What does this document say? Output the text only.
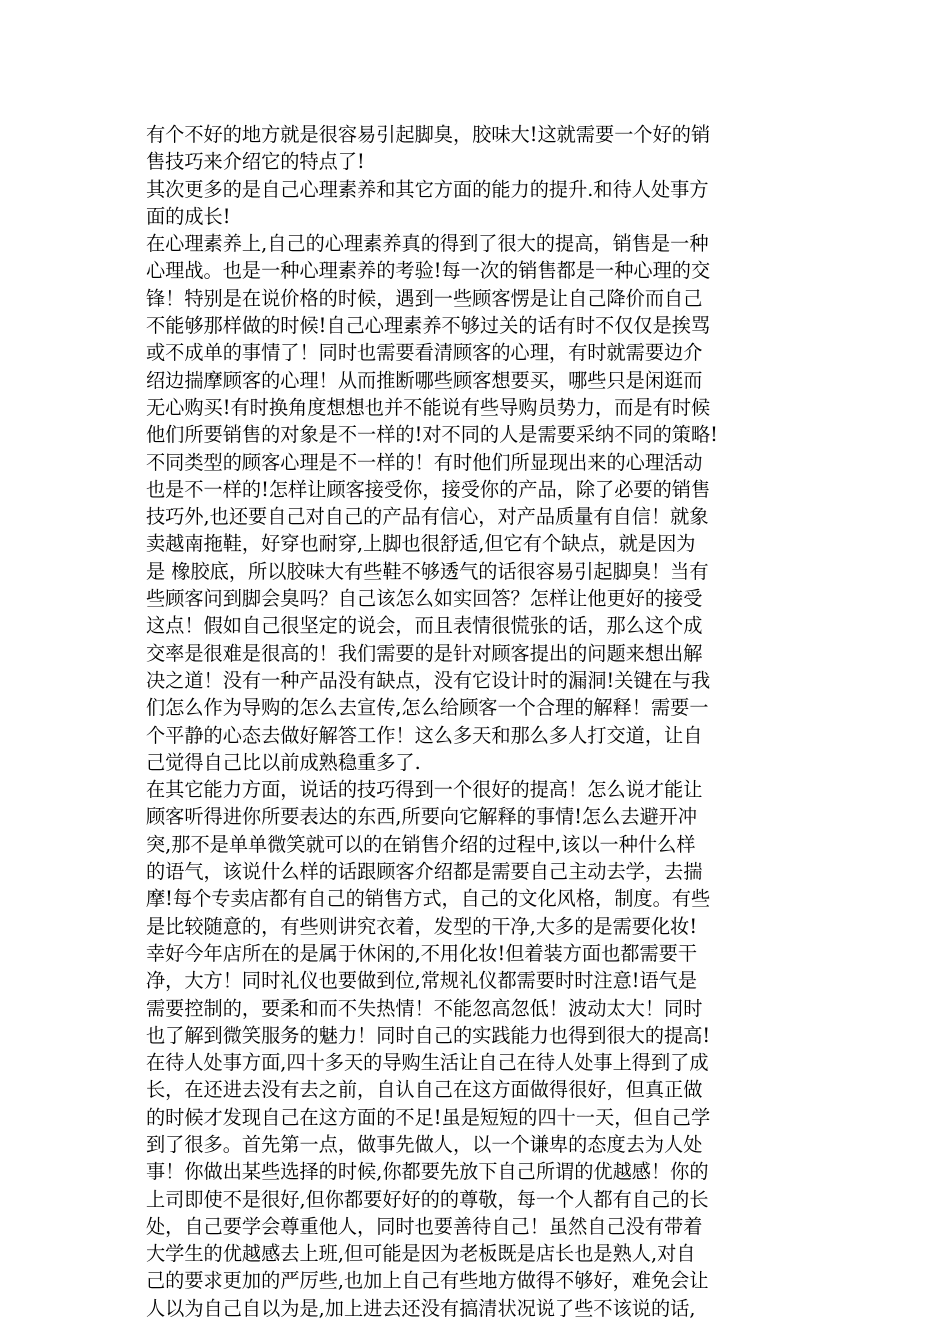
有个不好的地方就是很容易引起脚臭，胶味大!这就需要一个好的销
售技巧来介绍它的特点了!
其次更多的是自己心理素养和其它方面的能力的提升.和待人处事方
面的成长!
在心理素养上,自己的心理素养真的得到了很大的提高，销售是一种
心理战。也是一种心理素养的考验!每一次的销售都是一种心理的交
锋！特别是在说价格的时候，遇到一些顾客愣是让自己降价而自己
不能够那样做的时候!自己心理素养不够过关的话有时不仅仅是挨骂
或不成单的事情了！同时也需要看清顾客的心理，有时就需要边介
绍边揣摩顾客的心理！从而推断哪些顾客想要买，哪些只是闲逛而
无心购买!有时换角度想想也并不能说有些导购员势力，而是有时候
他们所要销售的对象是不一样的!对不同的人是需要采纳不同的策略!
不同类型的顾客心理是不一样的！有时他们所显现出来的心理活动
也是不一样的!怎样让顾客接受你，接受你的产品，除了必要的销售
技巧外,也还要自己对自己的产品有信心，对产品质量有自信！就象
卖越南拖鞋，好穿也耐穿,上脚也很舒适,但它有个缺点，就是因为
是 橡胶底，所以胶味大有些鞋不够透气的话很容易引起脚臭！当有
些顾客问到脚会臭吗？自己该怎么如实回答？怎样让他更好的接受
这点！假如自己很坚定的说会，而且表情很慌张的话，那么这个成
交率是很难是很高的！我们需要的是针对顾客提出的问题来想出解
决之道！没有一种产品没有缺点，没有它设计时的漏洞!关键在与我
们怎么作为导购的怎么去宣传,怎么给顾客一个合理的解释！需要一
个平静的心态去做好解答工作！这么多天和那么多人打交道，让自
己觉得自己比以前成熟稳重多了.
在其它能力方面，说话的技巧得到一个很好的提高！怎么说才能让
顾客听得进你所要表达的东西,所要向它解释的事情!怎么去避开冲
突,那不是单单微笑就可以的在销售介绍的过程中,该以一种什么样
的语气，该说什么样的话跟顾客介绍都是需要自己主动去学，去揣
摩!每个专卖店都有自己的销售方式，自己的文化风格，制度。有些
是比较随意的，有些则讲究衣着，发型的干净,大多的是需要化妆!
幸好今年店所在的是属于休闲的,不用化妆!但着装方面也都需要干
净，大方！同时礼仪也要做到位,常规礼仪都需要时时注意!语气是
需要控制的，要柔和而不失热情！不能忽高忽低！波动太大！同时
也了解到微笑服务的魅力！同时自己的实践能力也得到很大的提高!
在待人处事方面,四十多天的导购生活让自己在待人处事上得到了成
长，在还进去没有去之前，自认自己在这方面做得很好，但真正做
的时候才发现自己在这方面的不足!虽是短短的四十一天，但自己学
到了很多。首先第一点，做事先做人，以一个谦卑的态度去为人处
事！你做出某些选择的时候,你都要先放下自己所谓的优越感！你的
上司即使不是很好,但你都要好好的的尊敬，每一个人都有自己的长
处，自己要学会尊重他人，同时也要善待自己！虽然自己没有带着
大学生的优越感去上班,但可能是因为老板既是店长也是熟人,对自
己的要求更加的严厉些,也加上自己有些地方做得不够好，难免会让
人以为自己自以为是,加上进去还没有搞清状况说了些不该说的话,
